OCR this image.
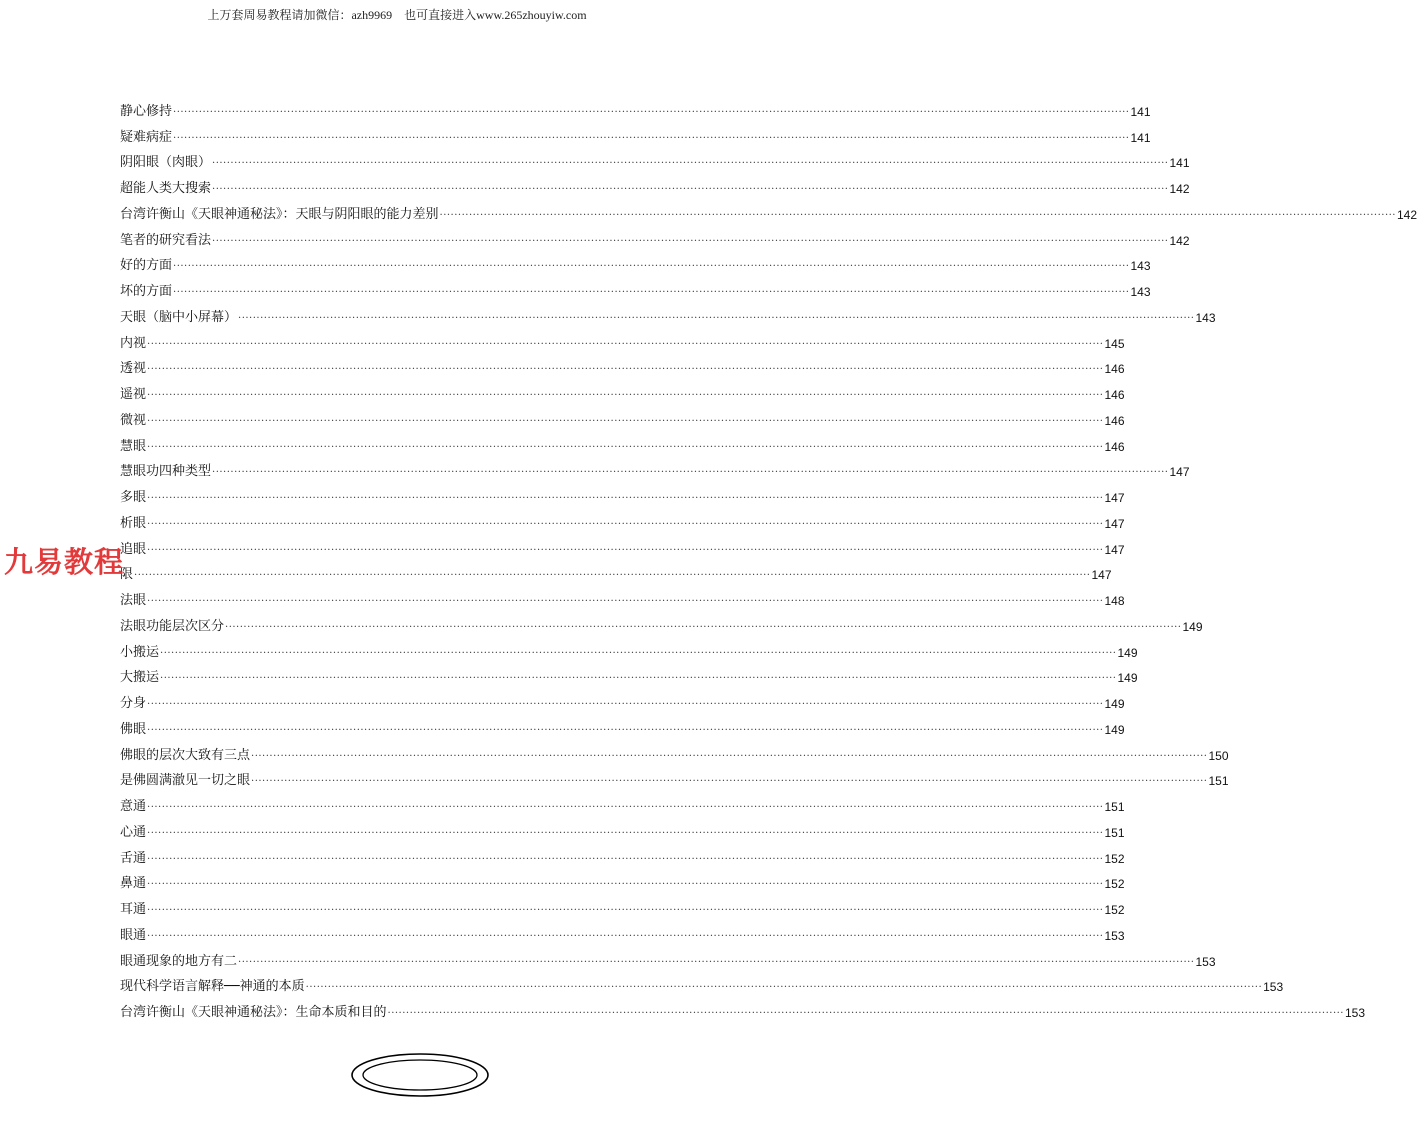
上万套周易教程请加微信：azh9969　也可直接进入www.265zhouyiw.com
静心修持 .................................................................................................................................................................................................................................................................... 141
疑难病症 .................................................................................................................................................................................................................................................................... 141
阴阳眼（肉眼） .................................................................................................................................................................................................................................................................... 141
超能人类大搜索 .................................................................................................................................................................................................................................................................... 142
台湾许衡山《天眼神通秘法》：天眼与阴阳眼的能力差别 .................................................................................................................................................................................................................................................................... 142
笔者的研究看法 .................................................................................................................................................................................................................................................................... 142
好的方面 .................................................................................................................................................................................................................................................................... 143
坏的方面 .................................................................................................................................................................................................................................................................... 143
天眼（脑中小屏幕） .................................................................................................................................................................................................................................................................... 143
内视 .................................................................................................................................................................................................................................................................... 145
透视 .................................................................................................................................................................................................................................................................... 146
遥视 .................................................................................................................................................................................................................................................................... 146
微视 .................................................................................................................................................................................................................................................................... 146
慧眼 .................................................................................................................................................................................................................................................................... 146
慧眼功四种类型 .................................................................................................................................................................................................................................................................... 147
多眼 .................................................................................................................................................................................................................................................................... 147
析眼 .................................................................................................................................................................................................................................................................... 147
追眼 .................................................................................................................................................................................................................................................................... 147
限 .................................................................................................................................................................................................................................................................... 147
法眼 .................................................................................................................................................................................................................................................................... 148
法眼功能层次区分 .................................................................................................................................................................................................................................................................... 149
小搬运 .................................................................................................................................................................................................................................................................... 149
大搬运 .................................................................................................................................................................................................................................................................... 149
分身 .................................................................................................................................................................................................................................................................... 149
佛眼 .................................................................................................................................................................................................................................................................... 149
佛眼的层次大致有三点 .................................................................................................................................................................................................................................................................... 150
是佛圆满澈见一切之眼 .................................................................................................................................................................................................................................................................... 151
意通 .................................................................................................................................................................................................................................................................... 151
心通 .................................................................................................................................................................................................................................................................... 151
舌通 .................................................................................................................................................................................................................................................................... 152
鼻通 .................................................................................................................................................................................................................................................................... 152
耳通 .................................................................................................................................................................................................................................................................... 152
眼通 .................................................................................................................................................................................................................................................................... 153
眼通现象的地方有二 .................................................................................................................................................................................................................................................................... 153
现代科学语言解释──神通的本质 .................................................................................................................................................................................................................................................................... 153
台湾许衡山《天眼神通秘法》：生命本质和目的 .................................................................................................................................................................................................................................................................... 153
九易教程
